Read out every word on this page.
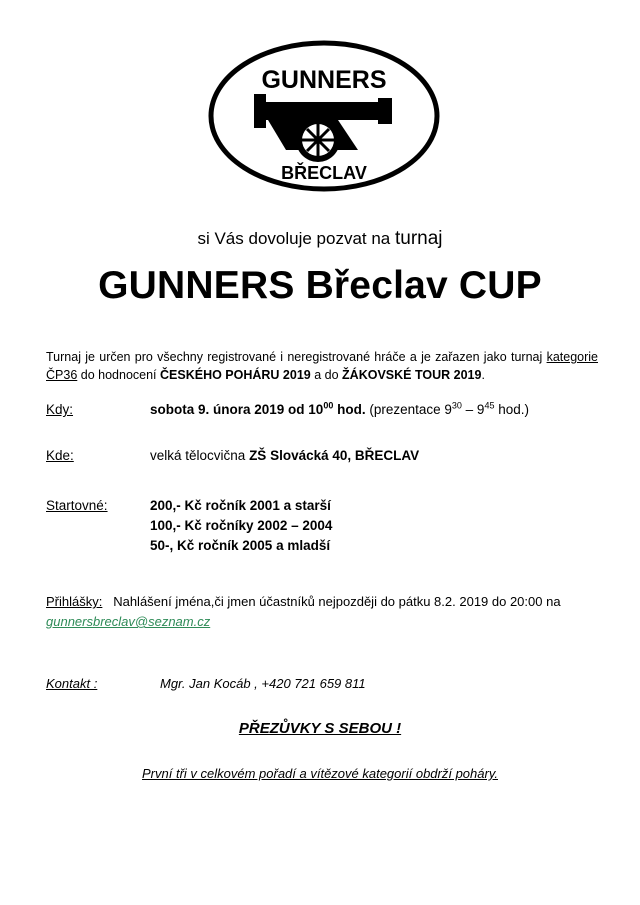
GUNNERS
BŘECLAV
si Vás dovoluje pozvat na turnaj
GUNNERS Břeclav CUP
Turnaj je určen pro všechny registrované i neregistrované hráče a je zařazen jako turnaj kategorie ČP36 do hodnocení ČESKÉHO POHÁRU 2019 a do ŽÁKOVSKÉ TOUR 2019.
Kdy:	sobota 9. února 2019 od $10^{00}$ hod. (prezentace $9^{30} - 9^{45}$ hod.)
Kde:	velká tělocvična ZŠ Slovácká 40, BŘECLAV
Startovné:	200,- Kč ročník 2001 a starší
100,- Kč ročníky 2002 – 2004
50-, Kč ročník 2005 a mladší
Přihlášky: Nahlášení jména,či jmen účastníků nejpozději do pátku 8.2. 2019 do 20:00 na
gunnersbreclav@seznam.cz
Kontakt :	Mgr. Jan Kocáb , +420 721 659 811
PŘEZŮVKY S SEBOU !
První tři v celkovém pořadí a vítězové kategorií obdrží poháry.
